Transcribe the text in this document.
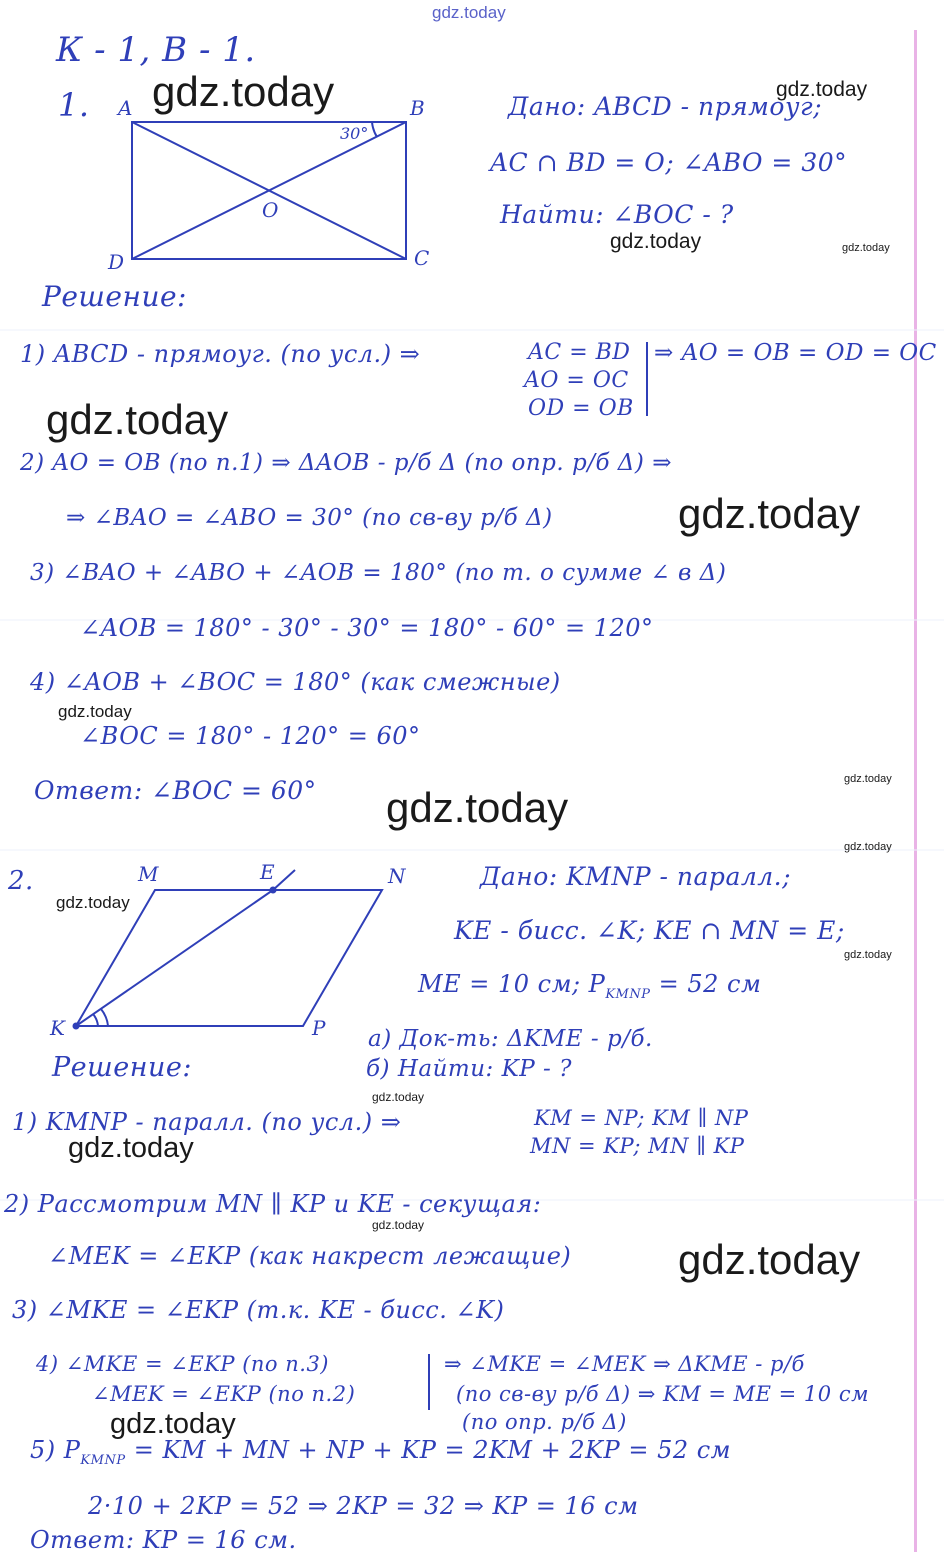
gdz.today
К - 1, В - 1.
1. A	B
C
D
O
30°
Дано: ABCD - прямоуг;
AC ∩ BD = O; ∠ABO = 30°
Найти: ∠BOC - ?
Решение:
1) ABCD - прямоуг. (по усл.) ⇒	AC = BD
AO = OC
OD = OB
⇒ AO = OB = OD = OC
2) AO = OB (по п.1) ⇒ ΔAOB - р/б Δ (по опр. р/б Δ) ⇒
⇒ ∠BAO = ∠ABO = 30° (по св-ву р/б Δ)
3) ∠BAO + ∠ABO + ∠AOB = 180° (по т. о сумме ∠ в Δ)
∠AOB = 180° - 30° - 30° = 180° - 60° = 120°
4) ∠AOB + ∠BOC = 180° (как смежные)
∠BOC = 180° - 120° = 60°
Ответ: ∠BOC = 60°
2.	M	E	N
K	P
Дано: KMNP - паралл.;
KE - бисс. ∠K; KE ∩ MN = E;
ME = 10 см; $P_{KMNP} = 52$ см
а) Док-ть: ΔKME - р/б.
б) Найти: KP - ?
Решение:
1) KMNP - паралл. (по усл.) ⇒	KM = NP; KM ∥ NP
MN = KP; MN ∥ KP
2) Рассмотрим MN ∥ KP и KE - секущая:
∠MEK = ∠EKP (как накрест лежащие)
3) ∠MKE = ∠EKP (т.к. KE - бисс. ∠K)
4) ∠MKE = ∠EKP (по п.3)
∠MEK = ∠EKP (по п.2)
⇒ ∠MKE = ∠MEK ⇒ ΔKME - р/б
(по св-ву р/б Δ) ⇒ KM = ME = 10 см
(по опр. р/б Δ)
5) $P_{KMNP}$ = KM + MN + NP + KP = 2KM + 2KP = 52 см
2·10 + 2KP = 52 ⇒ 2KP = 32 ⇒ KP = 16 см
Ответ: KP = 16 см.
gdz.today	gdz.today
gdz.today	gdz.today
gdz.today
gdz.today
gdz.today
gdz.today
gdz.today
gdz.today
gdz.today
gdz.today
gdz.today
gdz.today
gdz.today
gdz.today
gdz.today
